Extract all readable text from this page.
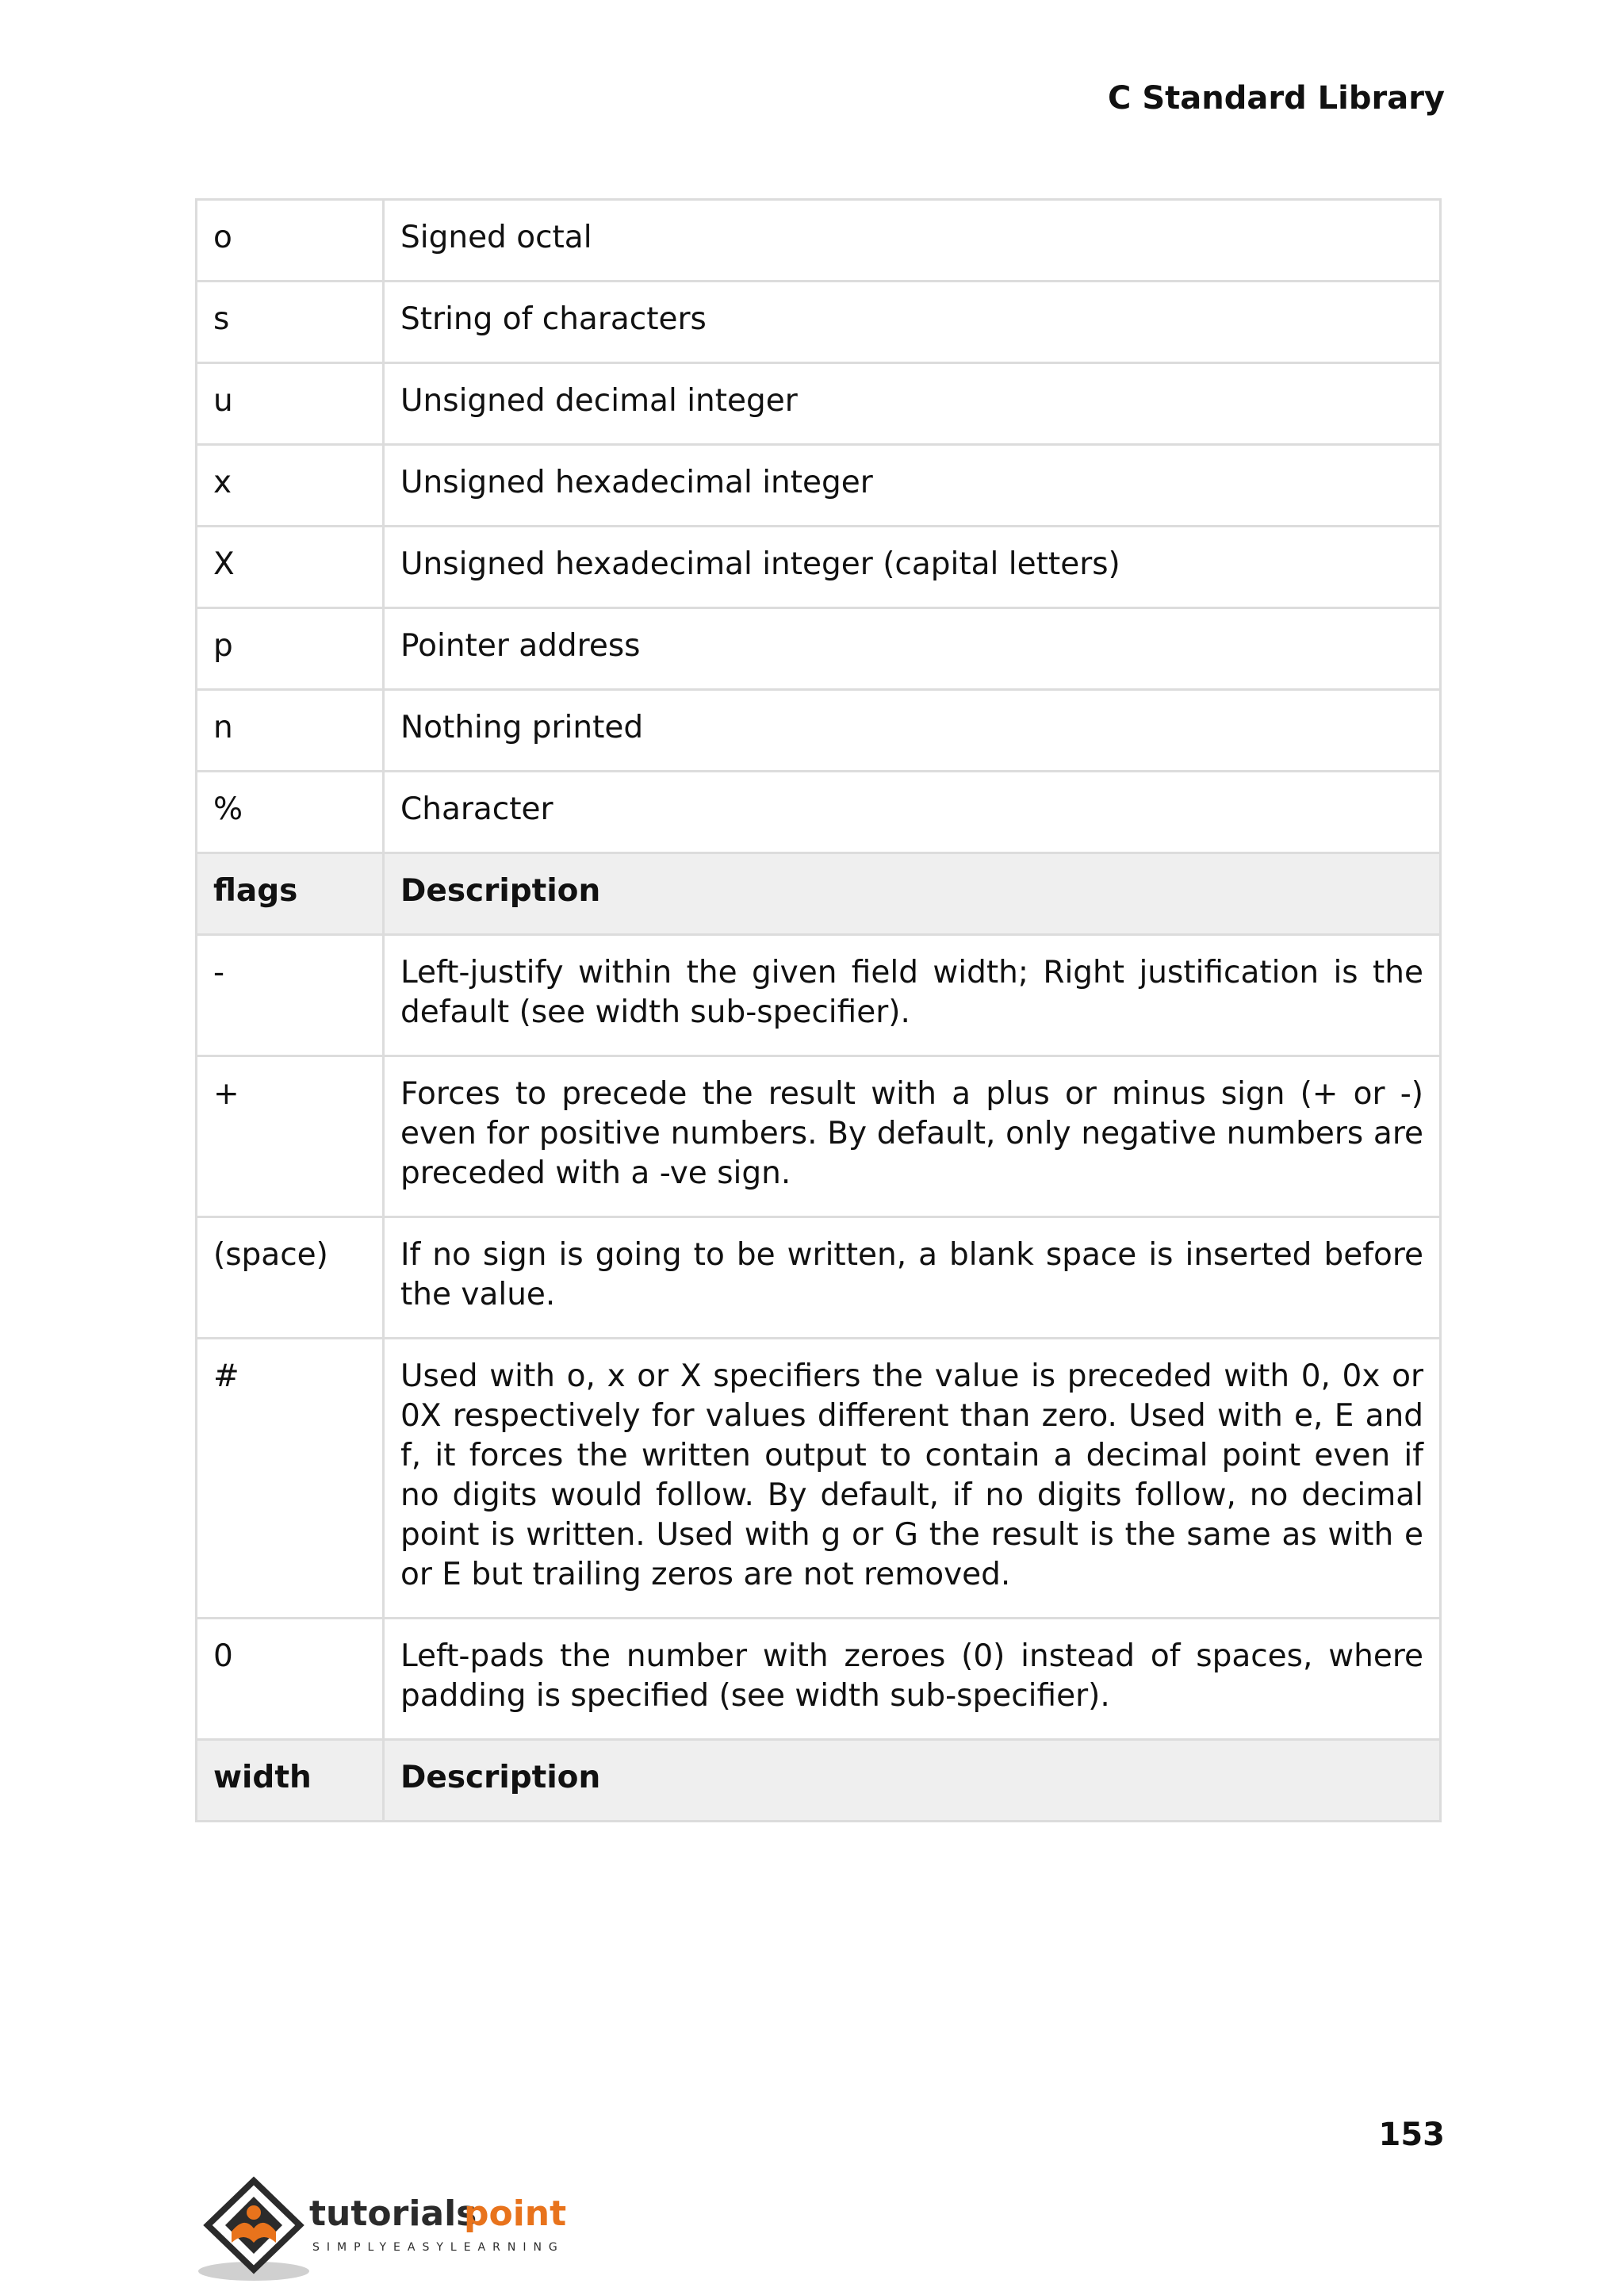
C Standard Library
o	Signed octal
s	String of characters
u	Unsigned decimal integer
x	Unsigned hexadecimal integer
X	Unsigned hexadecimal integer (capital letters)
p	Pointer address
n	Nothing printed
%	Character
flags	Description
-	Left-justify within the given field width; Right justification is the default (see width sub-specifier).
+	Forces to precede the result with a plus or minus sign (+ or -) even for positive numbers. By default, only negative numbers are preceded with a -ve sign.
(space)	If no sign is going to be written, a blank space is inserted before the value.
#	Used with o, x or X specifiers the value is preceded with 0, 0x or 0X respectively for values different than zero. Used with e, E and f, it forces the written output to contain a decimal point even if no digits would follow. By default, if no digits follow, no decimal point is written. Used with g or G the result is the same as with e or E but trailing zeros are not removed.
0	Left-pads the number with zeroes (0) instead of spaces, where padding is specified (see width sub-specifier).
width	Description
153
tutorials
point
SIMPLYEASYLEARNING
